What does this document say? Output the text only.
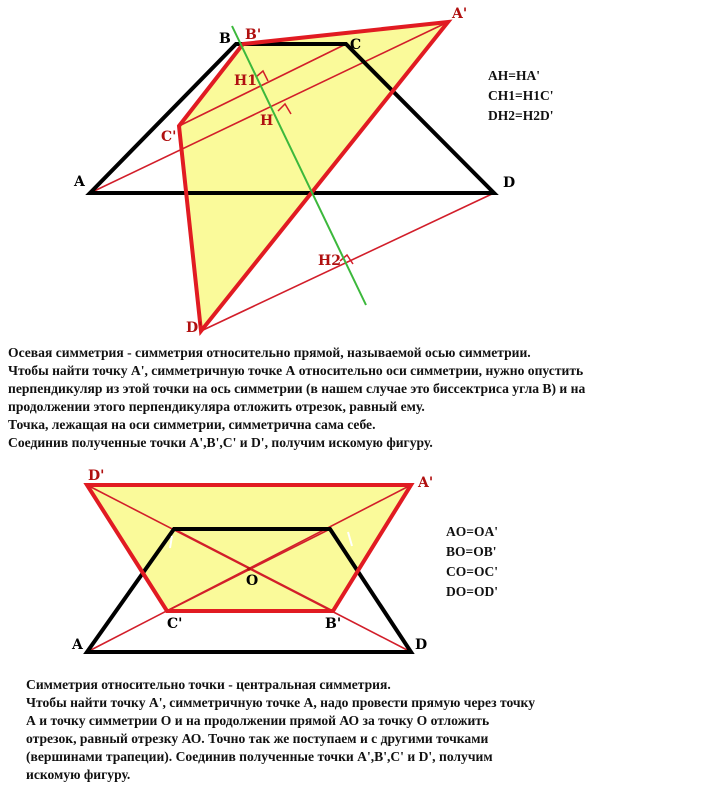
B B'
C
A'
H1
H
C'
A	D
H2
D'
D'	A'
O
C'	B'
A	D
AH=HA'
CH1=H1C'
DH2=H2D'
AO=OA'
BO=OB'
CO=OC'
DO=OD'
Осевая симметрия - симметрия относительно прямой, называемой осью симметрии.
Чтобы найти точку А', симметричную точке А относительно оси симметрии, нужно опустить
перпендикуляр из этой точки на ось симметрии (в нашем случае это биссектриса угла В) и на
продолжении этого перпендикуляра отложить отрезок, равный ему.
Точка, лежащая на оси симметрии, симметрична сама себе.
Соединив полученные точки А',В',С' и D', получим искомую фигуру.
Симметрия относительно точки - центральная симметрия.
Чтобы найти точку А', симметричную точке А, надо провести прямую через точку
А и точку симметрии О и на продолжении прямой АО за точку О отложить
отрезок, равный отрезку АО. Точно так же поступаем и с другими точками
(вершинами трапеции). Соединив полученные точки А',В',С' и D', получим
искомую фигуру.
